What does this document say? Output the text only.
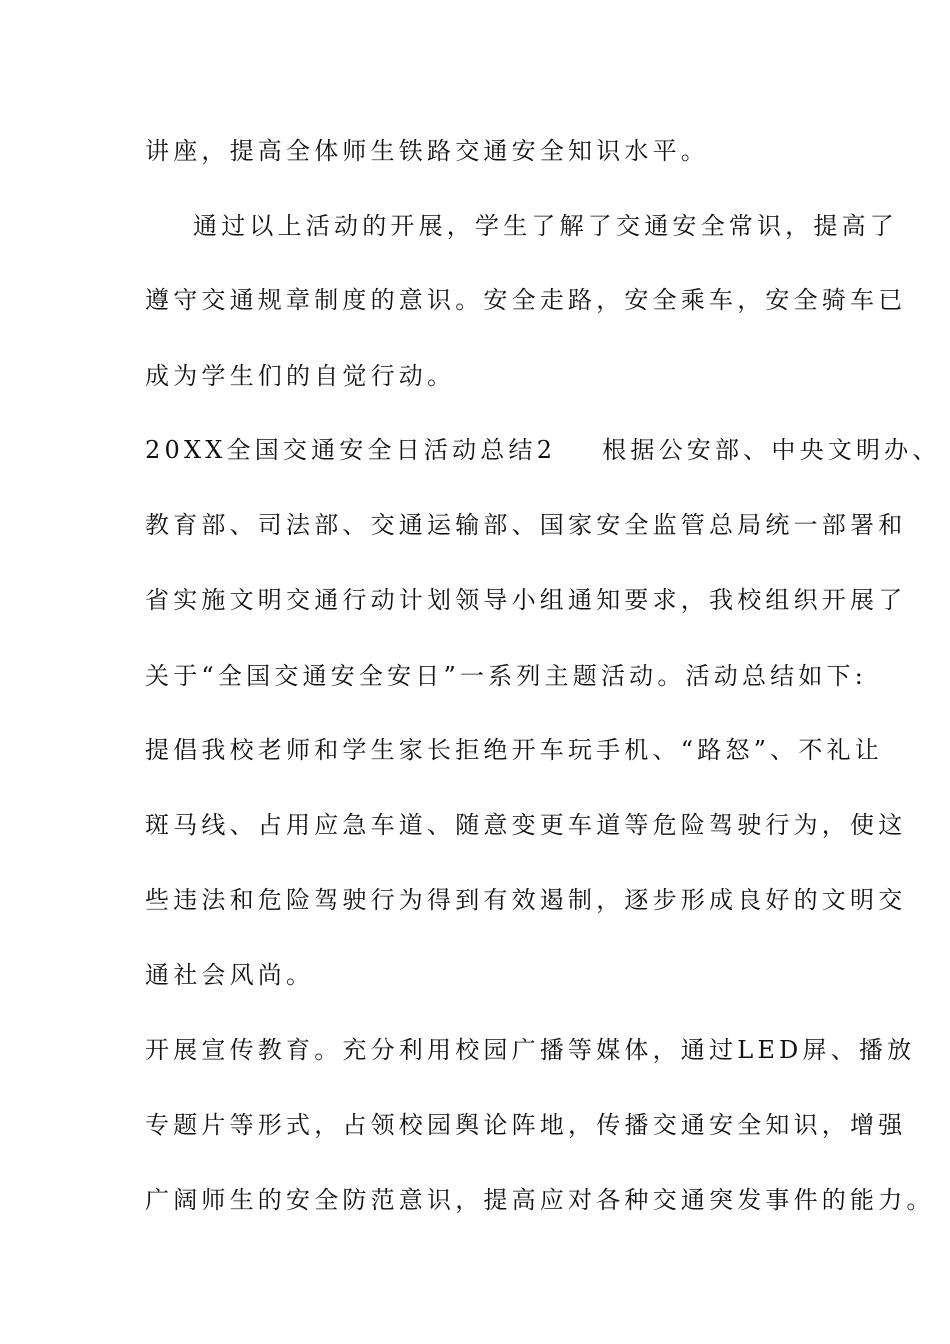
讲座，提高全体师生铁路交通安全知识水平。
通过以上活动的开展，学生了解了交通安全常识，提高了
遵守交通规章制度的意识。安全走路，安全乘车，安全骑车已
成为学生们的自觉行动。
20XX全国交通安全日活动总结2 根据公安部、中央文明办、
教育部、司法部、交通运输部、国家安全监管总局统一部署和
省实施文明交通行动计划领导小组通知要求，我校组织开展了
关于“全国交通安全安日”一系列主题活动。活动总结如下:
提倡我校老师和学生家长拒绝开车玩手机、“路怒”、不礼让
斑马线、占用应急车道、随意变更车道等危险驾驶行为，使这
些违法和危险驾驶行为得到有效遏制，逐步形成良好的文明交
通社会风尚。
开展宣传教育。充分利用校园广播等媒体，通过LED屏、播放
专题片等形式，占领校园舆论阵地，传播交通安全知识，增强
广阔师生的安全防范意识，提高应对各种交通突发事件的能力。
